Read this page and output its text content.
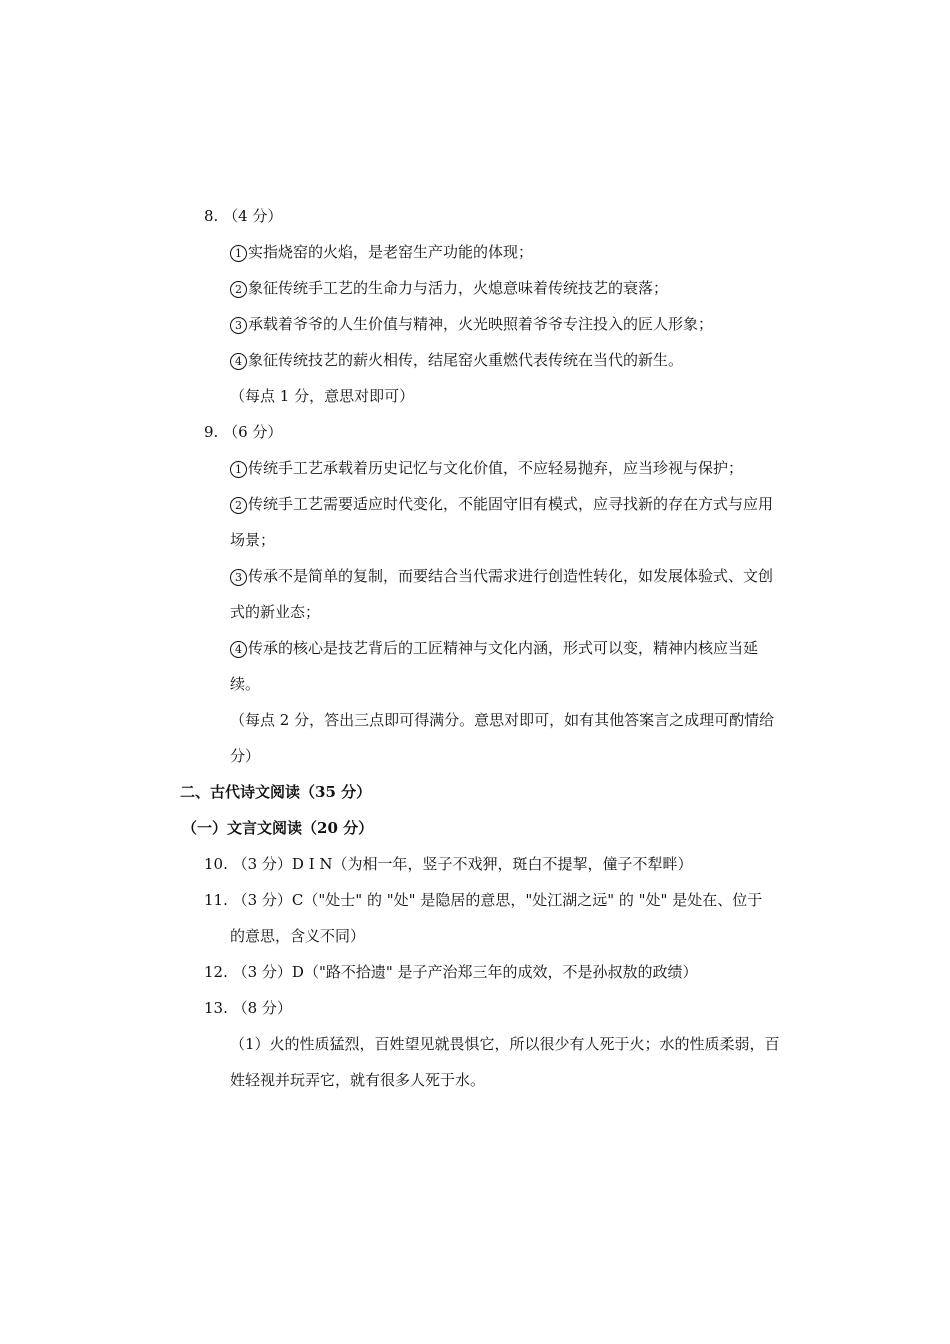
8. （4 分）
1 实指烧窑的火焰，是老窑生产功能的体现；
2 象征传统手工艺的生命力与活力，火熄意味着传统技艺的衰落；
3 承载着爷爷的人生价值与精神，火光映照着爷爷专注投入的匠人形象；
4 象征传统技艺的薪火相传，结尾窑火重燃代表传统在当代的新生。
（每点 1 分，意思对即可）
9. （6 分）
1 传统手工艺承载着历史记忆与文化价值，不应轻易抛弃，应当珍视与保护；
2 传统手工艺需要适应时代变化，不能固守旧有模式，应寻找新的存在方式与应用
场景；
3 传承不是简单的复制，而要结合当代需求进行创造性转化，如发展体验式、文创
式的新业态；
4 传承的核心是技艺背后的工匠精神与文化内涵，形式可以变，精神内核应当延
续。
（每点 2 分，答出三点即可得满分。意思对即可，如有其他答案言之成理可酌情给
分）
二、古代诗文阅读（35 分）
（一）文言文阅读（20 分）
10. （3 分）D I N（为相一年，竖子不戏狎，斑白不提挈，僮子不犁畔）
11. （3 分）C（"处士" 的 "处" 是隐居的意思，"处江湖之远" 的 "处" 是处在、位于
的意思，含义不同）
12. （3 分）D（"路不拾遗" 是子产治郑三年的成效，不是孙叔敖的政绩）
13. （8 分）
（1）火的性质猛烈，百姓望见就畏惧它，所以很少有人死于火；水的性质柔弱，百
姓轻视并玩弄它，就有很多人死于水。
